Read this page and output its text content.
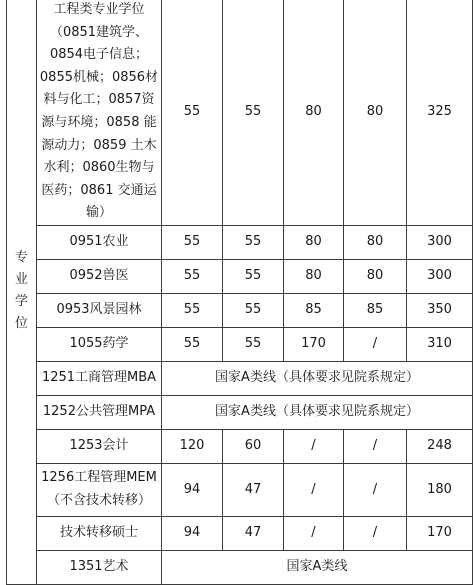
专业学位	工程类专业学位（0851建筑学、0854电子信息；0855机械；0856材料与化工；0857资源与环境；0858 能源动力；0859 土木水利；0860生物与医药；0861 交通运输）	55	55	80	80	325
	0951农业	55	55	80	80	300
	0952兽医	55	55	80	80	300
	0953风景园林	55	55	85	85	350
	1055药学	55	55	170	/	310
	1251工商管理MBA	国家A类线（具体要求见院系规定）				
	1252公共管理MPA	国家A类线（具体要求见院系规定）				
	1253会计	120	60	/	/	248
	1256工程管理MEM（不含技术转移）	94	47	/	/	180
	技术转移硕士	94	47	/	/	170
	1351艺术	国家A类线				
